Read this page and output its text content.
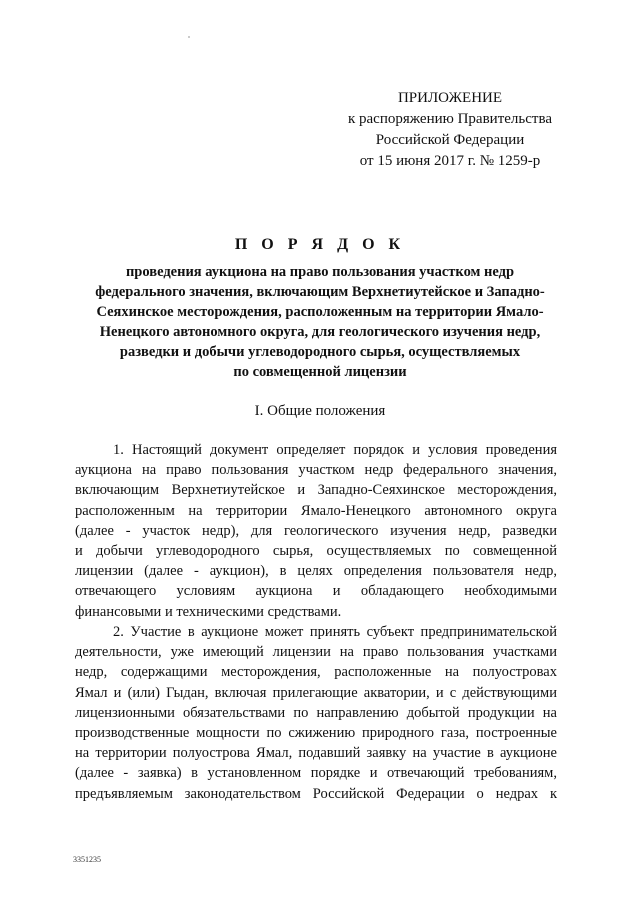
ПРИЛОЖЕНИЕ
к распоряжению Правительства
Российской Федерации
от 15 июня 2017 г. № 1259-р
П О Р Я Д О К
проведения аукциона на право пользования участком недр
федерального значения, включающим Верхнетиутейское и Западно-
Сеяхинское месторождения, расположенным на территории Ямало-
Ненецкого автономного округа, для геологического изучения недр,
разведки и добычи углеводородного сырья, осуществляемых
по совмещенной лицензии
I. Общие положения
1. Настоящий документ определяет порядок и условия проведения
аукциона на право пользования участком недр федерального значения,
включающим Верхнетиутейское и Западно-Сеяхинское месторождения,
расположенным на территории Ямало-Ненецкого автономного округа
(далее - участок недр), для геологического изучения недр, разведки
и добычи углеводородного сырья, осуществляемых по совмещенной
лицензии (далее - аукцион), в целях определения пользователя недр,
отвечающего условиям аукциона и обладающего необходимыми
финансовыми и техническими средствами.
2. Участие в аукционе может принять субъект предпринимательской
деятельности, уже имеющий лицензии на право пользования участками
недр, содержащими месторождения, расположенные на полуостровах
Ямал и (или) Гыдан, включая прилегающие акватории, и с действующими
лицензионными обязательствами по направлению добытой продукции на
производственные мощности по сжижению природного газа, построенные
на территории полуострова Ямал, подавший заявку на участие в аукционе
(далее - заявка) в установленном порядке и отвечающий требованиям,
предъявляемым законодательством Российской Федерации о недрах к
3351235
